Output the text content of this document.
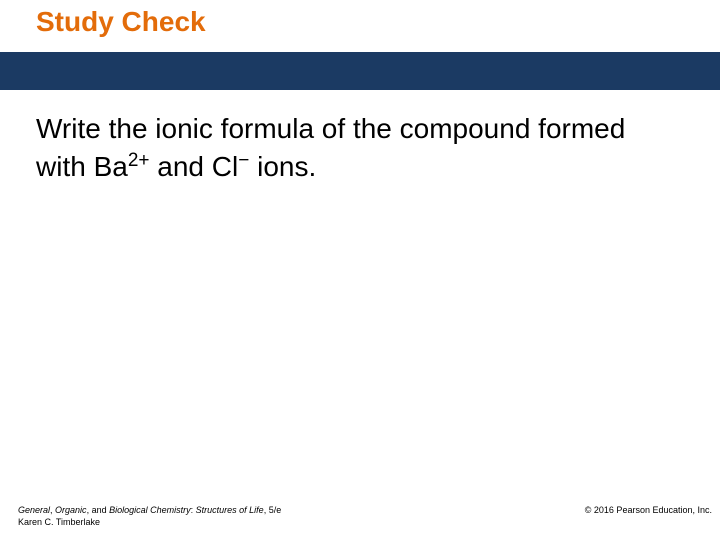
Study Check
Write the ionic formula of the compound formed
with $Ba^{2+}$ and Cl− ions.
General, Organic, and Biological Chemistry: Structures of Life, 5/e
Karen C. Timberlake
© 2016 Pearson Education, Inc.
